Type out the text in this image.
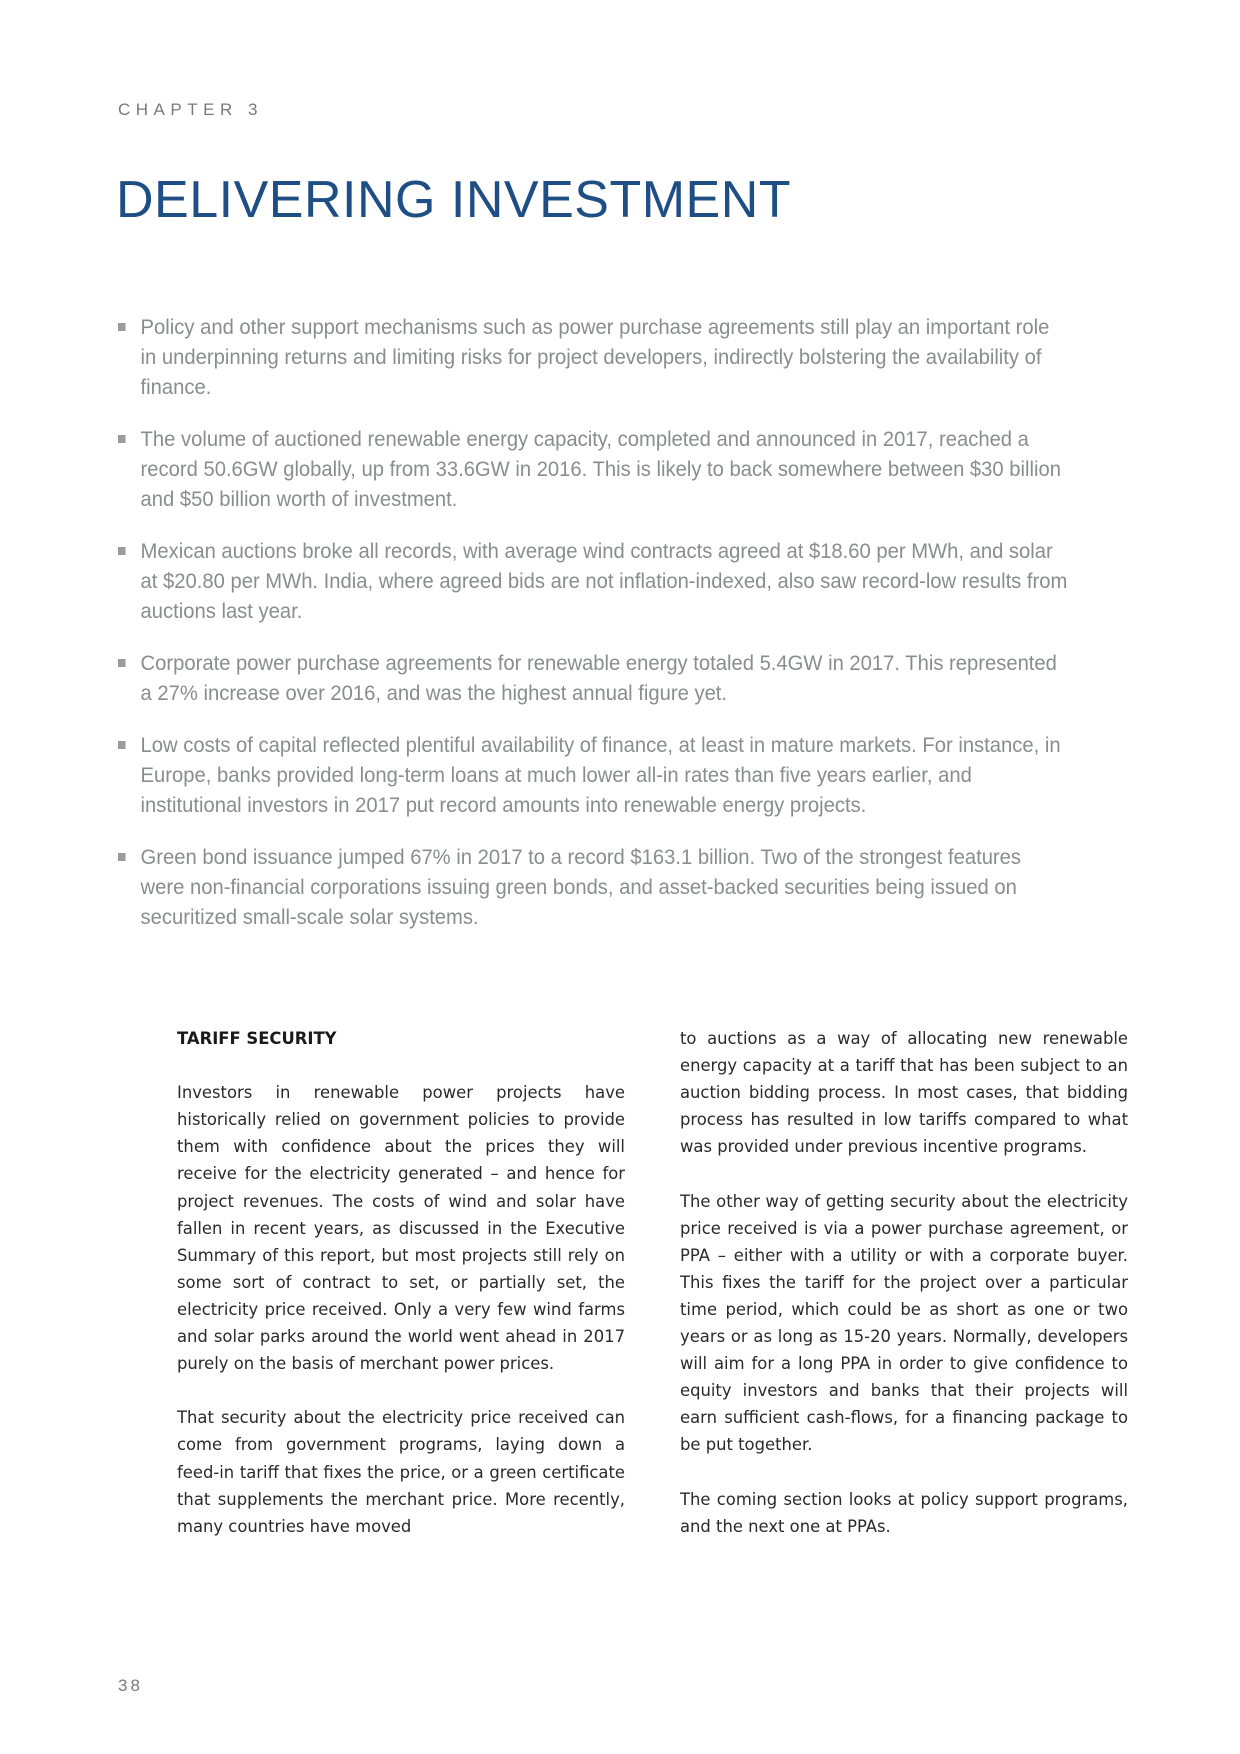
CHAPTER 3
DELIVERING INVESTMENT
Policy and other support mechanisms such as power purchase agreements still play an important role in underpinning returns and limiting risks for project developers, indirectly bolstering the availability of finance.
The volume of auctioned renewable energy capacity, completed and announced in 2017, reached a record 50.6GW globally, up from 33.6GW in 2016. This is likely to back somewhere between $30 billion and $50 billion worth of investment.
Mexican auctions broke all records, with average wind contracts agreed at $18.60 per MWh, and solar at $20.80 per MWh. India, where agreed bids are not inflation-indexed, also saw record-low results from auctions last year.
Corporate power purchase agreements for renewable energy totaled 5.4GW in 2017. This represented a 27% increase over 2016, and was the highest annual figure yet.
Low costs of capital reflected plentiful availability of finance, at least in mature markets. For instance, in Europe, banks provided long-term loans at much lower all-in rates than five years earlier, and institutional investors in 2017 put record amounts into renewable energy projects.
Green bond issuance jumped 67% in 2017 to a record $163.1 billion. Two of the strongest features were non-financial corporations issuing green bonds, and asset-backed securities being issued on securitized small-scale solar systems.
TARIFF SECURITY

Investors in renewable power projects have historically relied on government policies to provide them with confidence about the prices they will receive for the electricity generated – and hence for project revenues. The costs of wind and solar have fallen in recent years, as discussed in the Executive Summary of this report, but most projects still rely on some sort of contract to set, or partially set, the electricity price received. Only a very few wind farms and solar parks around the world went ahead in 2017 purely on the basis of merchant power prices.

That security about the electricity price received can come from government programs, laying down a feed-in tariff that fixes the price, or a green certificate that supplements the merchant price. More recently, many countries have moved

to auctions as a way of allocating new renewable energy capacity at a tariff that has been subject to an auction bidding process. In most cases, that bidding process has resulted in low tariffs compared to what was provided under previous incentive programs.

The other way of getting security about the electricity price received is via a power purchase agreement, or PPA – either with a utility or with a corporate buyer. This fixes the tariff for the project over a particular time period, which could be as short as one or two years or as long as 15-20 years. Normally, developers will aim for a long PPA in order to give confidence to equity investors and banks that their projects will earn sufficient cash-flows, for a financing package to be put together.

The coming section looks at policy support programs, and the next one at PPAs.

38
